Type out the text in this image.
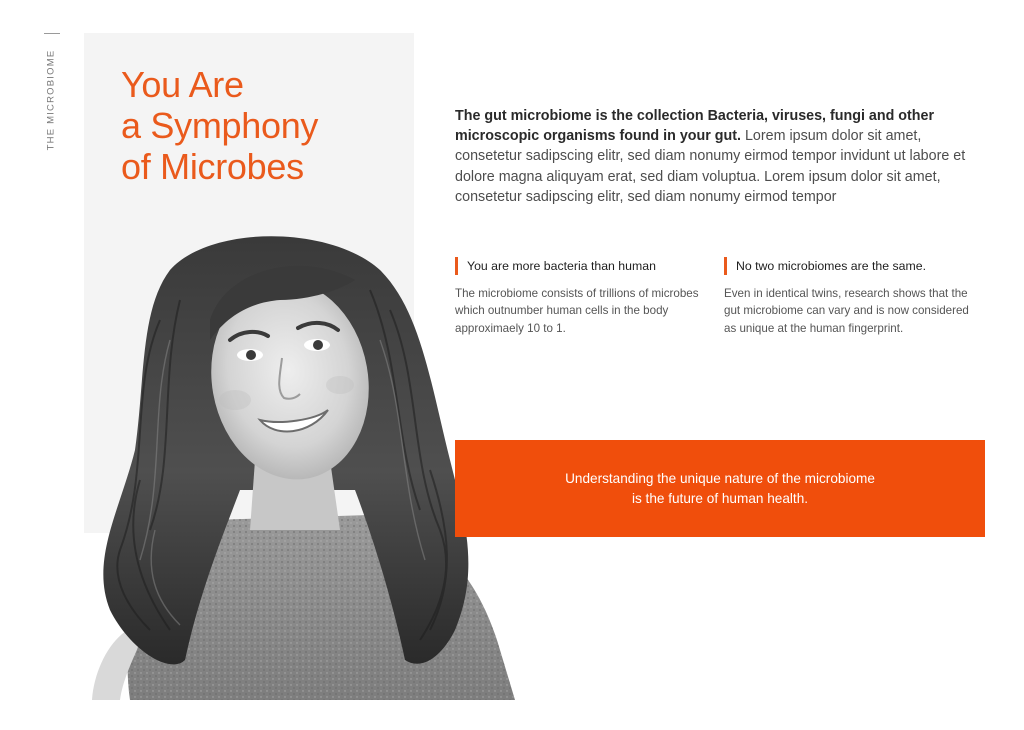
THE MICROBIOME You Are
a Symphony
of Microbes

The gut microbiome is the collection Bacteria, viruses, fungi and other microscopic organisms found in your gut. Lorem ipsum dolor sit amet, consetetur sadipscing elitr, sed diam nonumy eirmod tempor invidunt ut labore et dolore magna aliquyam erat, sed diam voluptua. Lorem ipsum dolor sit amet, consetetur sadipscing elitr, sed diam nonumy eirmod tempor

You are more bacteria than human

The microbiome consists of trillions of microbes which outnumber human cells in the body approximaely 10 to 1.

No two microbiomes are the same.

Even in identical twins, research shows that the gut microbiome can vary and is now considered as unique at the human fingerprint.

Understanding the unique nature of the microbiome is the future of human health.
